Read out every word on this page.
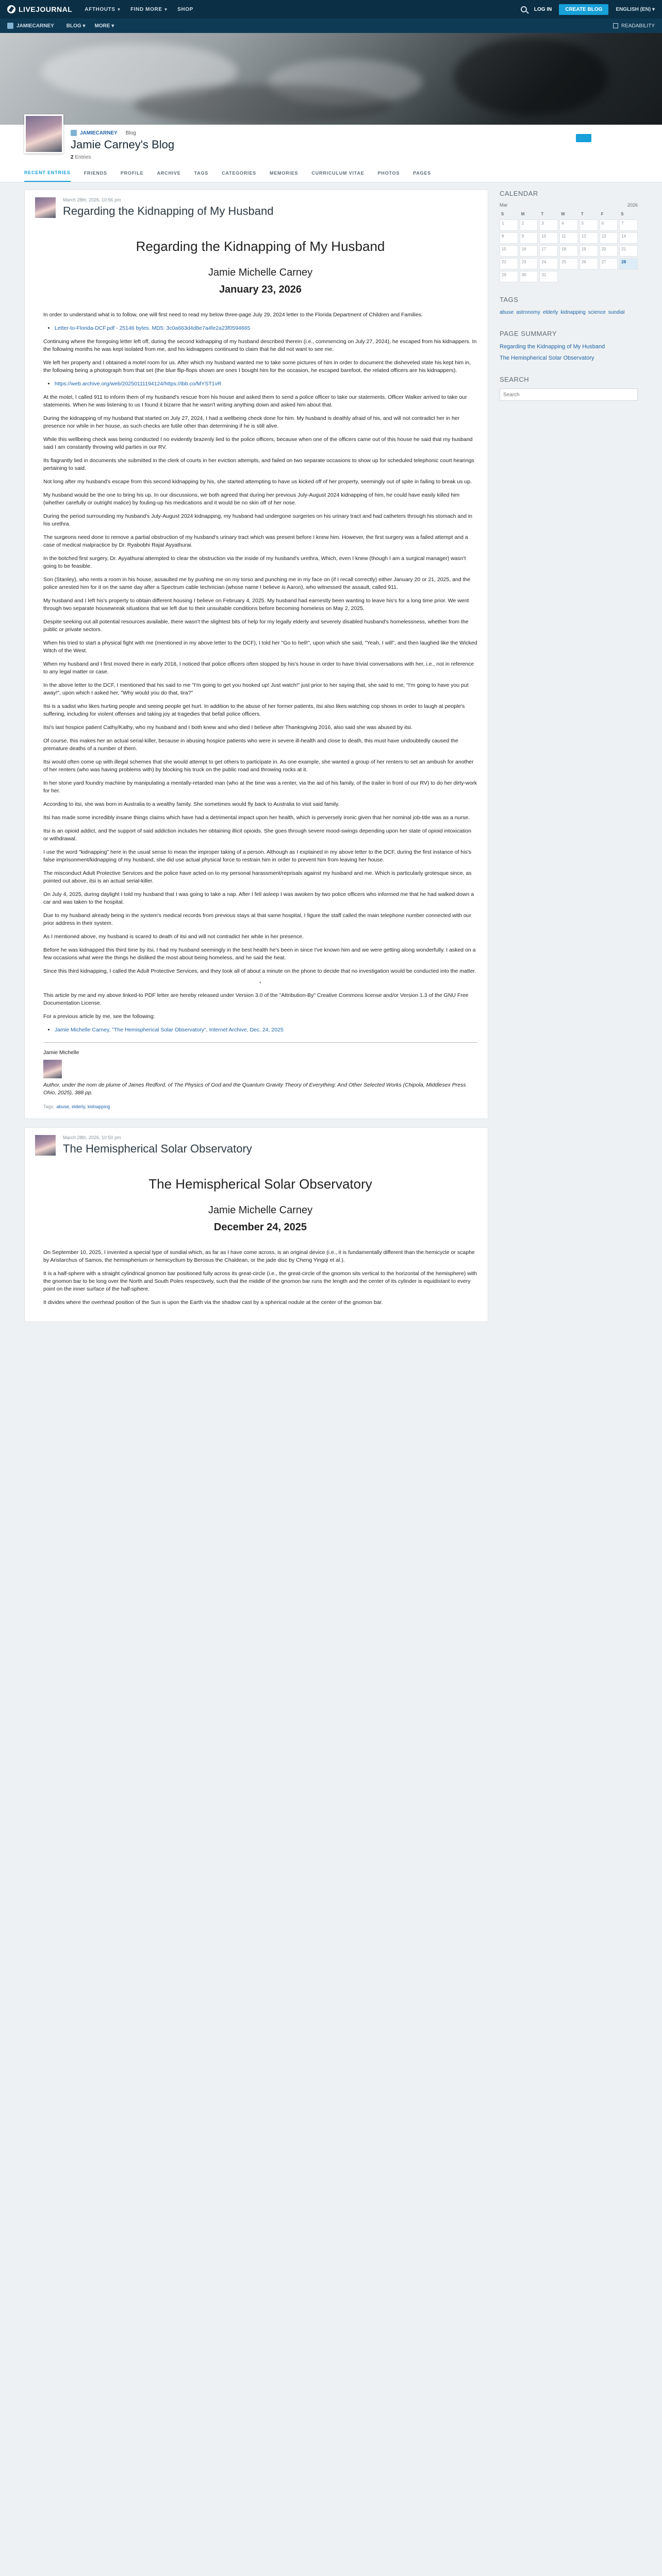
LIVEJOURNAL AFTHOUTS ▼ FIND MORE ▼ SHOP	LOG IN	CREATE BLOG	ENGLISH (EN) ▾
JAMIECARNEY BLOG ▾ MORE ▾	READABILITY
JAMIECARNEY Blog
Jamie Carney's Blog
2 Entries
RECENT ENTRIES	FRIENDS	PROFILE	ARCHIVE	TAGS	CATEGORIES	MEMORIES	CURRICULUM VITAE	PHOTOS	PAGES
March 28th, 2026, 10:56 pm
Regarding the Kidnapping of My Husband
Regarding the Kidnapping of My Husband
Jamie Michelle Carney
January 23, 2026

In order to understand what is to follow, one will first need to read my below three-page July 29, 2024 letter to the Florida Department of Children and Families.

• Letter-to-Florida-DCF.pdf - 25146 bytes. MD5: 3c0a663d4d8e7a4fe2a23f0594665

Continuing where the foregoing letter left off, during the second kidnapping of my husband described therein (i.e., commencing on July 27, 2024), he escaped from his kidnappers. In the following months he was kept isolated from me, and his kidnappers continued to claim that he did not want to see me.

We left her property and I obtained a motel room for us. After which my husband wanted me to take some pictures of him in order to document the disheveled state his kept him in, the following being a photograph from that set (the blue flip-flops shown are ones I bought him for the occasion, he escaped barefoot, the related officers are his kidnappers).

• https://web.archive.org/web/20250111194124/https://ibb.co/MYST1vR

At the motel, I called 911 to inform them of my husband's rescue from his house and asked them to send a police officer to take our statements. Officer Walker arrived to take our statements. When he was listening to us I found it bizarre that he wasn't writing anything down and asked him about that.

During the kidnapping of my husband that started on July 27, 2024, I had a wellbeing check done for him. My husband is deathly afraid of his, and will not contradict her in her presence nor while in her house, as such checks are futile other than determining if he is still alive.

While this wellbeing check was being conducted I no evidently brazenly lied to the police officers, because when one of the officers came out of this house he said that my husband said I am constantly throwing wild parties in our RV.

Its flagrantly lied in documents she submitted in the clerk of courts in her eviction attempts, and failed on two separate occasions to show up for scheduled telephonic court hearings pertaining to said.

Not long after my husband's escape from this second kidnapping by his, she started attempting to have us kicked off of her property, seemingly out of spite in failing to break us up.

My husband would be the one to bring his up. In our discussions, we both agreed that during her previous July-August 2024 kidnapping of him, he could have easily killed him (whether carefully or outright malice) by fouling-up his medications and it would be no skin off of her nose.

During the period surrounding my husband's July-August 2024 kidnapping, my husband had undergone surgeries on his urinary tract and had catheters through his stomach and in his urethra.

The surgeons need done to remove a partial obstruction of my husband's urinary tract which was present before I knew him. However, the first surgery was a failed attempt and a case of medical malpractice by Dr. Ryabobhi Rajat Ayyathurai.

In the botched first surgery, Dr. Ayyathurai attempted to clear the obstruction via the inside of my husband's urethra, Which, even I knew (though I am a surgical manager) wasn't going to be feasible.

Son (Stanley), who rents a room in his house, assaulted me by pushing me on my torso and punching me in my face on (if I recall correctly) either January 20 or 21, 2025, and the police arrested him for it on the same day after a Spectrum cable technician (whose name I believe is Aaron), who witnessed the assault, called 911.

My husband and I left his's property to obtain different housing I believe on February 4, 2025. My husband had earnestly been wanting to leave his's for a long time prior. We went through two separate housewreak situations that we left due to their unsuitable conditions before becoming homeless on May 2, 2025.

Despite seeking out all potential resources available, there wasn't the slightest bits of help for my legally elderly and severely disabled husband's homelessness, whether from the public or private sectors.

When his tried to start a physical fight with me (mentioned in my above letter to the DCF), I told her "Go to hell!", upon which she said, "Yeah, I will", and then laughed like the Wicked Witch of the West.

When my husband and I first moved there in early 2018, I noticed that police officers often stopped by his's house in order to have trivial conversations with her, i.e., not in reference to any legal matter or case.

In the above letter to the DCF, I mentioned that his said to me "I'm going to get you hooked up! Just watch!" just prior to her saying that, she said to me, "I'm going to have you put away!", upon which I asked her, "Why would you do that, tira?"

Itsi is a sadist who likes hurting people and seeing people get hurt. In addition to the abuse of her former patients, itsi also likes watching cop shows in order to laugh at people's suffering, including for violent offenses and taking joy at tragedies that befall police officers.

Itsi's last hospice patient Cathy/Kathy, who my husband and I both knew and who died I believe after Thanksgiving 2016, also said she was abused by itsi.

Of course, this makes her an actual serial-killer, because in abusing hospice patients who were in severe ill-health and close to death, this must have undoubtedly caused the premature deaths of a number of them.

Itsi would often come up with illegal schemes that she would attempt to get others to participate in. As one example, she wanted a group of her renters to set an ambush for another of her renters (who was having problems with) by blocking his truck on the public road and throwing rocks at it.

In her stone yard foundry machine by manipulating a mentally-retarded man (who at the time was a renter, via the aid of his family, of the trailer in front of our RV) to do her dirty-work for her.

According to itsi, she was born in Australia to a wealthy family. She sometimes would fly back to Australia to visit said family.

Itsi has made some incredibly insane things claims which have had a detrimental impact upon her health, which is perversely ironic given that her nominal job-title was as a nurse.

Itsi is an opioid addict, and the support of said addiction includes her obtaining illicit opioids. She goes through severe mood-swings depending upon her state of opioid intoxication or withdrawal.

I use the word "kidnapping" here in the usual sense to mean the improper taking of a person. Although as I explained in my above letter to the DCF, during the first instance of his's false imprisonment/kidnapping of my husband, she did use actual physical force to restrain him in order to prevent him from leaving her house.

The misconduct Adult Protective Services and the police have acted on to my personal harassment/reprisals against my husband and me. Which is particularly grotesque since, as pointed out above, itsi is an actual serial-killer.

On July 4, 2025, during daylight I told my husband that I was going to take a nap. After I fell asleep I was awoken by two police officers who informed me that he had walked down a car and was taken to the hospital.

Due to my husband already being in the system's medical records from previous stays at that same hospital, I figure the staff called the main telephone number connected with our prior address in their system.

As I mentioned above, my husband is scared to death of itsi and will not contradict her while in her presence.

Before he was kidnapped this third time by itsi, I had my husband seemingly in the best health he's been in since I've known him and we were getting along wonderfully. I asked on a few occasions what were the things he disliked the most about being homeless, and he said the heat.

Since this third kidnapping, I called the Adult Protective Services, and they took all of about a minute on the phone to decide that no investigation would be conducted into the matter.

*

This article by me and my above linked-to PDF letter are hereby released under Version 3.0 of the "Attribution-By" Creative Commons license and/or Version 1.3 of the GNU Free Documentation License.

For a previous article by me, see the following:

• Jamie Michelle Carney, "The Hemispherical Solar Observatory", Internet Archive, Dec. 24, 2025
Jamie Michelle
Author, under the nom de plume of James Redford, of The Physics of God and the Quantum Gravity Theory of Everything: And Other Selected Works (Chipola, Middlesex Press Ohio, 2025), 388 pp.
Tags: abuse, elderly, kidnapping
March 28th, 2026, 10:50 pm
The Hemispherical Solar Observatory
The Hemispherical Solar Observatory
Jamie Michelle Carney
December 24, 2025

On September 10, 2025, I invented a special type of sundial which, as far as I have come across, is an original device (i.e., it is fundamentally different than the hemicycle or scaphe by Aristarchus of Samos, the hemispherium or hemicyclium by Berosus the Chaldean, or the jade disc by Cheng Yingqi et al.).

It is a half-sphere with a straight cylindrical gnomon bar positioned fully across its great-circle (i.e., the great-circle of the gnomon sits vertical to the horizontal of the hemisphere) with the gnomon bar to be long over the North and South Poles respectively, such that the middle of the gnomon bar runs the length and the center of its cylinder is equidistant to every point on the inner surface of the half-sphere.

It divides where the overhead position of the Sun is upon the Earth via the shadow cast by a spherical nodule at the center of the gnomon bar.

CALENDAR
Mar	2026
S	M	T	W	T	F	S
1	2	3	4	5	6	7
8	9	10	11	12	13	14
15	16	17	18	19	20	21
22	23	24	25	26	27	28
29	30	31
TAGS
abuse astronomy elderly kidnapping science sundial
PAGE SUMMARY
Regarding the Kidnapping of My Husband
The Hemispherical Solar Observatory
SEARCH
Search
